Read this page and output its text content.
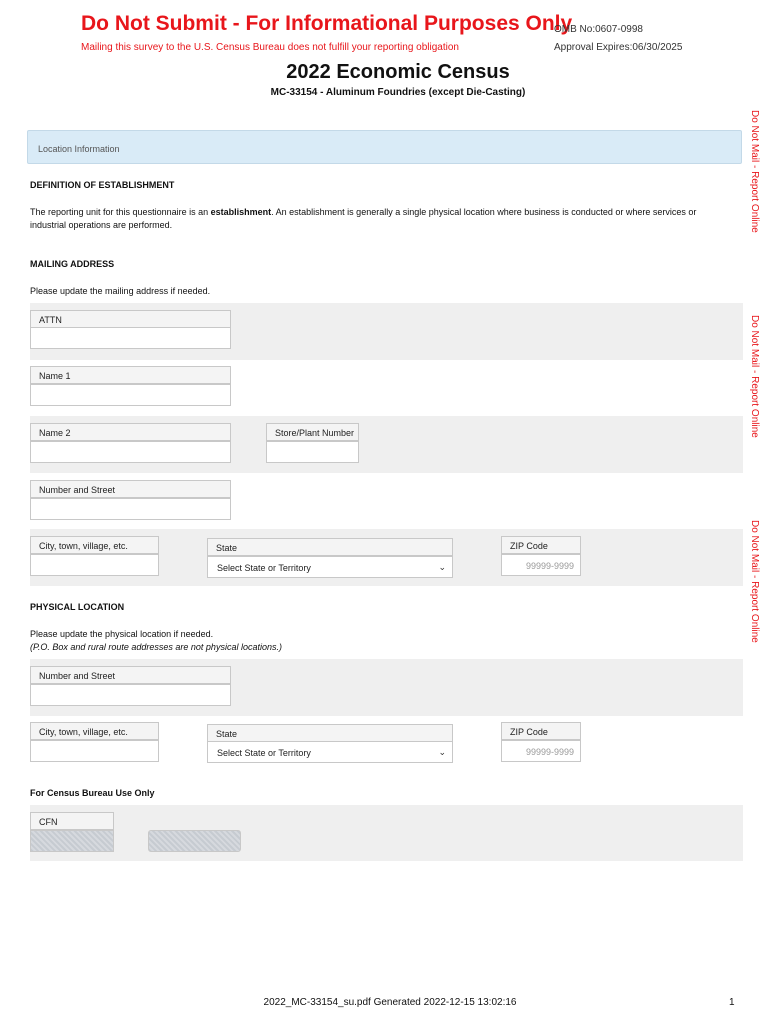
Do Not Submit - For Informational Purposes Only
Mailing this survey to the U.S. Census Bureau does not fulfill your reporting obligation
OMB No:0607-0998
Approval Expires:06/30/2025
2022 Economic Census
MC-33154 - Aluminum Foundries (except Die-Casting)
Do Not Mail - Report Online
Do Not Mail - Report Online
Do Not Mail - Report Online
Location Information
DEFINITION OF ESTABLISHMENT
The reporting unit for this questionnaire is an establishment. An establishment is generally a single physical location where business is conducted or where services or industrial operations are performed.
MAILING ADDRESS
Please update the mailing address if needed.
ATTN
Name 1
Name 2	Store/Plant Number
Number and Street
City, town, village, etc.	State
Select State or Territory	⌄
ZIP Code
99999-9999
PHYSICAL LOCATION
Please update the physical location if needed.
(P.O. Box and rural route addresses are not physical locations.)
Number and Street
City, town, village, etc.	State
Select State or Territory	⌄
ZIP Code
99999-9999
For Census Bureau Use Only
CFN
2022_MC-33154_su.pdf Generated 2022-12-15 13:02:16	1
